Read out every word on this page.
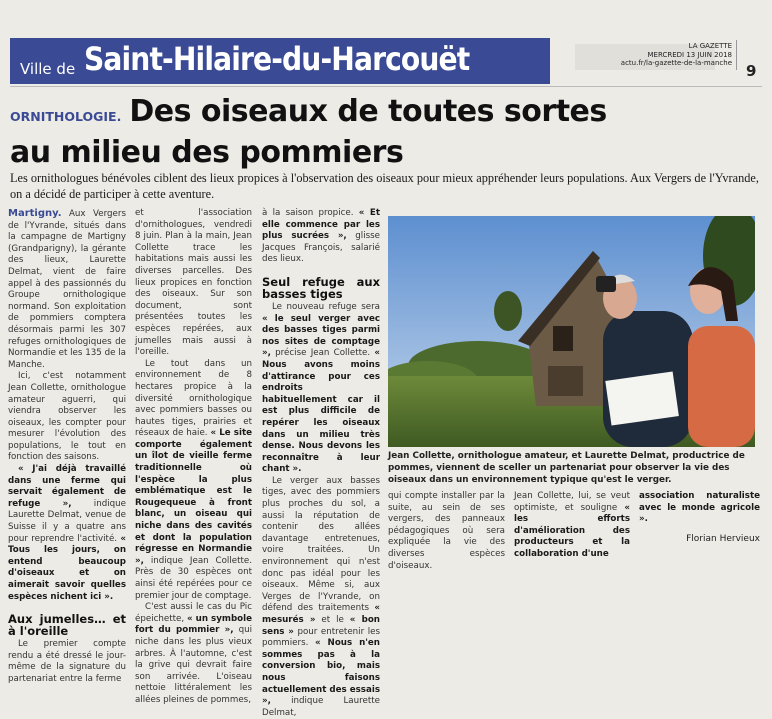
Ville de Saint-Hilaire-du-Harcouët	LA GAZETTE
MERCREDI 13 JUIN 2018
actu.fr/la-gazette-de-la-manche 9
ORNITHOLOGIE. Des oiseaux de toutes sortes
au milieu des pommiers
Les ornithologues bénévoles ciblent des lieux propices à l'observation des oiseaux pour mieux appréhender leurs populations. Aux Vergers de l'Yvrande, on a décidé de participer à cette aventure.

Martigny. Aux Vergers de l'Yvrande, situés dans la campagne de Martigny (Grandparigny), la gérante des lieux, Laurette Delmat, vient de faire appel à des passionnés du Groupe ornithologique normand. Son exploitation de pommiers comptera désormais parmi les 307 refuges ornithologiques de Normandie et les 135 de la Manche.

Ici, c'est notamment Jean Collette, ornithologue amateur aguerri, qui viendra observer les oiseaux, les compter pour mesurer l'évolution des populations, le tout en fonction des saisons.

« J'ai déjà travaillé dans une ferme qui servait également de refuge »,	indique Laurette Delmat, venue de Suisse il y a quatre ans pour reprendre l'activité. « Tous les jours, on entend beaucoup d'oiseaux et on aimerait savoir quelles espèces nichent ici ».

Aux jumelles… et à l'oreille

Le premier compte rendu a été dressé le jour-même de la signature du partenariat entre la ferme

et l'association d'ornithologues, vendredi 8 juin. Plan à la main, Jean Collette trace les habitations mais aussi les diverses parcelles. Des lieux propices en fonction des oiseaux. Sur son document, sont présentées toutes les espèces repérées, aux jumelles mais aussi à l'oreille.

Le tout dans un environnement de 8 hectares propice à la diversité ornithologique avec pommiers basses ou hautes tiges, prairies et réseaux de haie. « Le site comporte également un îlot de vieille ferme traditionnelle où l'espèce la plus emblématique est le Rougequeue à front blanc, un oiseau qui niche dans des cavités et dont la population régresse en Normandie », indique Jean Collette. Près de 30 espèces ont ainsi été repérées pour ce premier jour de comptage.

C'est aussi le cas du Pic épeichette, « un symbole fort du pommier », qui niche dans les plus vieux arbres. À l'automne, c'est la grive qui devrait faire son arrivée. L'oiseau nettoie littéralement les allées pleines de pommes,

à la saison propice. « Et elle commence par les plus sucrées », glisse Jacques François, salarié des lieux.

Seul refuge aux basses tiges

Le nouveau refuge sera « le seul verger avec des basses tiges parmi nos sites de comptage », précise Jean Collette. « Nous avons moins d'attirance pour ces endroits habituellement car il est plus difficile de repérer les oiseaux dans un milieu très dense. Nous devons les reconnaître à leur chant ».

Le verger aux basses tiges, avec des pommiers plus proches du sol, a aussi la réputation de contenir des allées davantage entretenues, voire traitées. Un environnement qui n'est donc pas idéal pour les oiseaux. Même si, aux Verges de l'Yvrande, on défend des traitements « mesurés » et le « bon sens » pour entretenir les pommiers. « Nous n'en sommes pas à la conversion bio, mais nous faisons actuellement des essais », indique Laurette Delmat,

Jean Collette, ornithologue amateur, et Laurette Delmat, productrice de pommes, viennent de sceller un partenariat pour observer la vie des oiseaux dans un environnement typique qu'est le verger.

qui compte installer par la suite, au sein de ses vergers, des panneaux pédagogiques où sera expliquée la vie des diverses espèces d'oiseaux.

Jean Collette, lui, se veut optimiste, et souligne « les efforts d'amélioration des producteurs et la collaboration d'une

association naturaliste avec le monde agricole ».

Florian Hervieux
